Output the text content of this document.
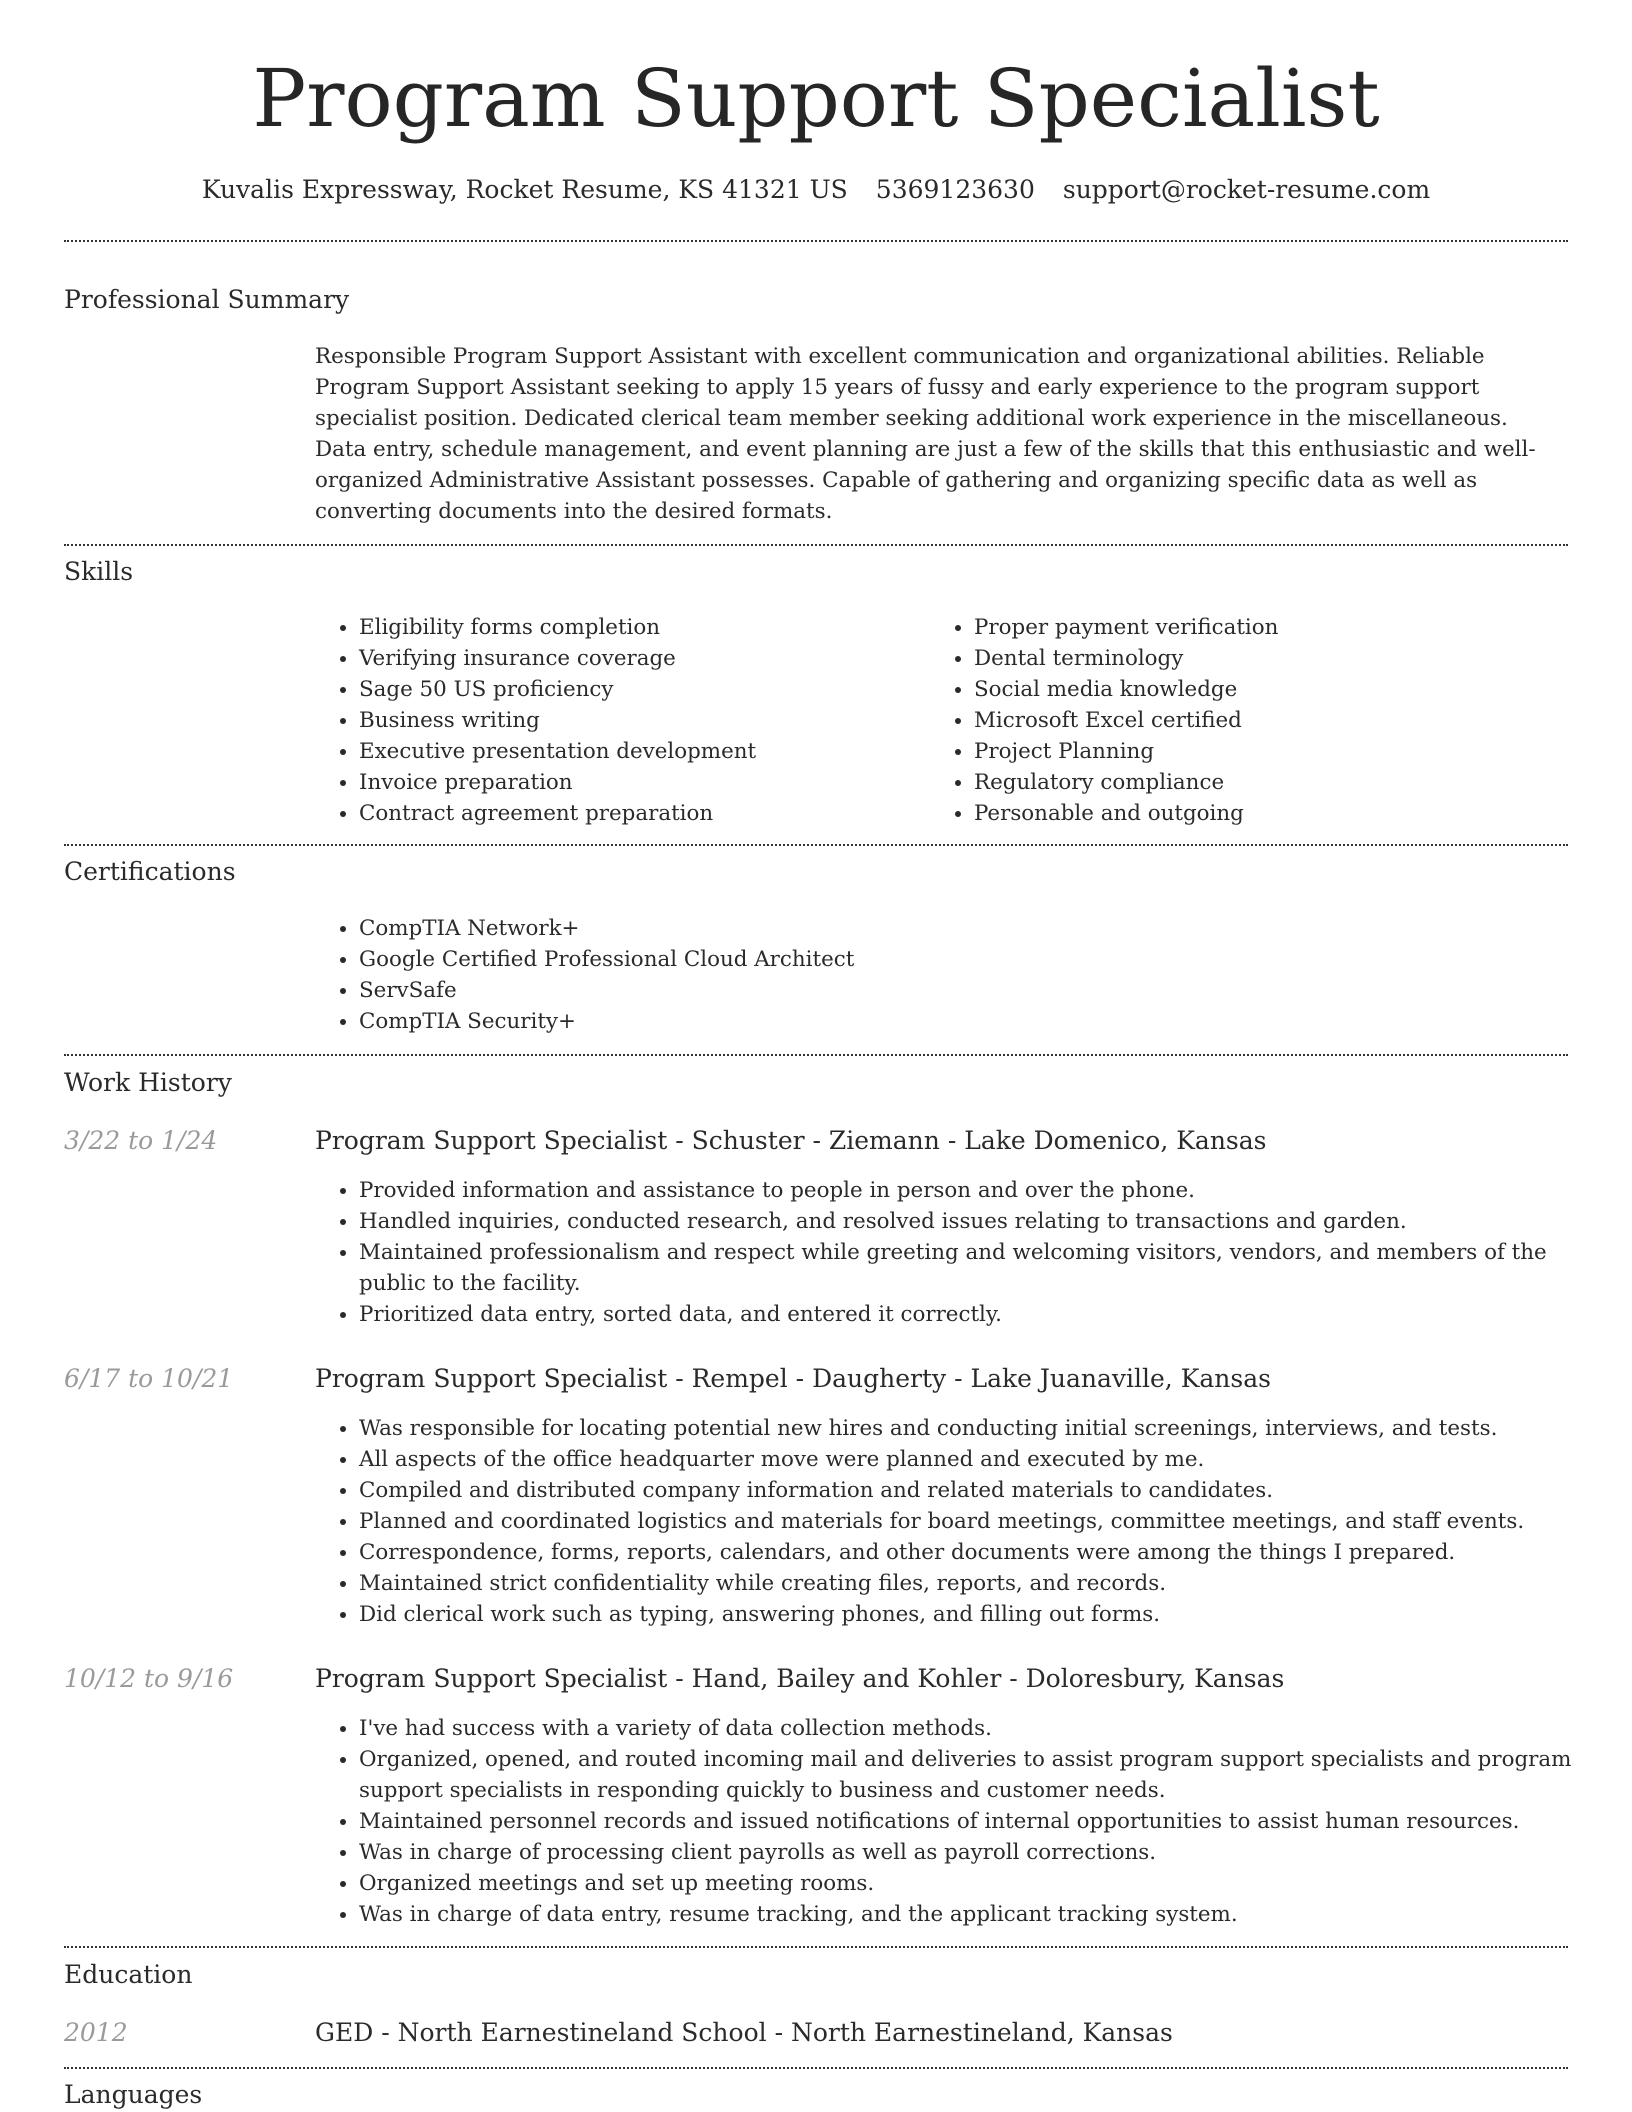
Program Support Specialist
Kuvalis Expressway, Rocket Resume, KS 41321 US 5369123630 support@rocket-resume.com
Professional Summary

Responsible Program Support Assistant with excellent communication and organizational abilities. Reliable Program Support Assistant seeking to apply 15 years of fussy and early experience to the program support specialist position. Dedicated clerical team member seeking additional work experience in the miscellaneous. Data entry, schedule management, and event planning are just a few of the skills that this enthusiastic and well-organized Administrative Assistant possesses. Capable of gathering and organizing specific data as well as converting documents into the desired formats.

Skills
• Eligibility forms completion
• Verifying insurance coverage
• Sage 50 US proficiency
• Business writing
• Executive presentation development
• Invoice preparation
• Contract agreement preparation
• Proper payment verification
• Dental terminology
• Social media knowledge
• Microsoft Excel certified
• Project Planning
• Regulatory compliance
• Personable and outgoing
Certifications
• CompTIA Network+
• Google Certified Professional Cloud Architect
• ServSafe
• CompTIA Security+
Work History
3/22 to 1/24	Program Support Specialist - Schuster - Ziemann - Lake Domenico, Kansas
• Provided information and assistance to people in person and over the phone.
• Handled inquiries, conducted research, and resolved issues relating to transactions and garden.
• Maintained professionalism and respect while greeting and welcoming visitors, vendors, and members of the public to the facility.
• Prioritized data entry, sorted data, and entered it correctly.
6/17 to 10/21	Program Support Specialist - Rempel - Daugherty - Lake Juanaville, Kansas
• Was responsible for locating potential new hires and conducting initial screenings, interviews, and tests.
• All aspects of the office headquarter move were planned and executed by me.
• Compiled and distributed company information and related materials to candidates.
• Planned and coordinated logistics and materials for board meetings, committee meetings, and staff events.
• Correspondence, forms, reports, calendars, and other documents were among the things I prepared.
• Maintained strict confidentiality while creating files, reports, and records.
• Did clerical work such as typing, answering phones, and filling out forms.
10/12 to 9/16	Program Support Specialist - Hand, Bailey and Kohler - Doloresbury, Kansas
• I've had success with a variety of data collection methods.
• Organized, opened, and routed incoming mail and deliveries to assist program support specialists and program support specialists in responding quickly to business and customer needs.
• Maintained personnel records and issued notifications of internal opportunities to assist human resources.
• Was in charge of processing client payrolls as well as payroll corrections.
• Organized meetings and set up meeting rooms.
• Was in charge of data entry, resume tracking, and the applicant tracking system.
Education
2012	GED - North Earnestineland School - North Earnestineland, Kansas
Languages
